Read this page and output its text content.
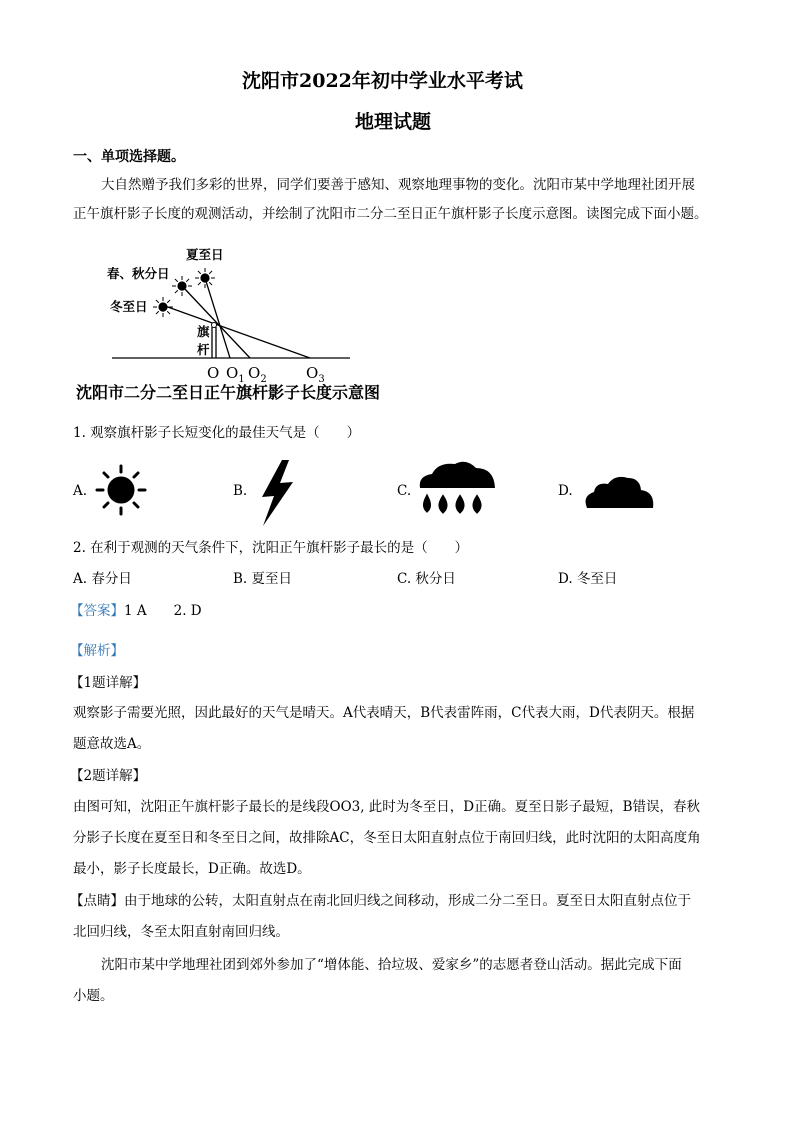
沈阳市2022年初中学业水平考试
地理试题
一、单项选择题。
大自然赠予我们多彩的世界，同学们要善于感知、观察地理事物的变化。沈阳市某中学地理社团开展
正午旗杆影子长度的观测活动，并绘制了沈阳市二分二至日正午旗杆影子长度示意图。读图完成下面小题。
夏至日
春、秋分日
冬至日
旗
杆
O $O_1$ $O_2$	$O_3$
沈阳市二分二至日正午旗杆影子长度示意图
1. 观察旗杆影子长短变化的最佳天气是（　　）
A.	B.	C.	D.
2. 在利于观测的天气条件下，沈阳正午旗杆影子最长的是（　　）
A. 春分日	B. 夏至日	C. 秋分日	D. 冬至日
【答案】1 A　　2. D
【解析】
【1题详解】
观察影子需要光照，因此最好的天气是晴天。A代表晴天，B代表雷阵雨，C代表大雨，D代表阴天。根据
题意故选A。
【2题详解】
由图可知，沈阳正午旗杆影子最长的是线段OO3, 此时为冬至日，D正确。夏至日影子最短，B错误，春秋
分影子长度在夏至日和冬至日之间，故排除AC，冬至日太阳直射点位于南回归线，此时沈阳的太阳高度角
最小，影子长度最长，D正确。故选D。
【点睛】由于地球的公转，太阳直射点在南北回归线之间移动，形成二分二至日。夏至日太阳直射点位于
北回归线，冬至太阳直射南回归线。
沈阳市某中学地理社团到郊外参加了“增体能、拾垃圾、爱家乡”的志愿者登山活动。据此完成下面
小题。
